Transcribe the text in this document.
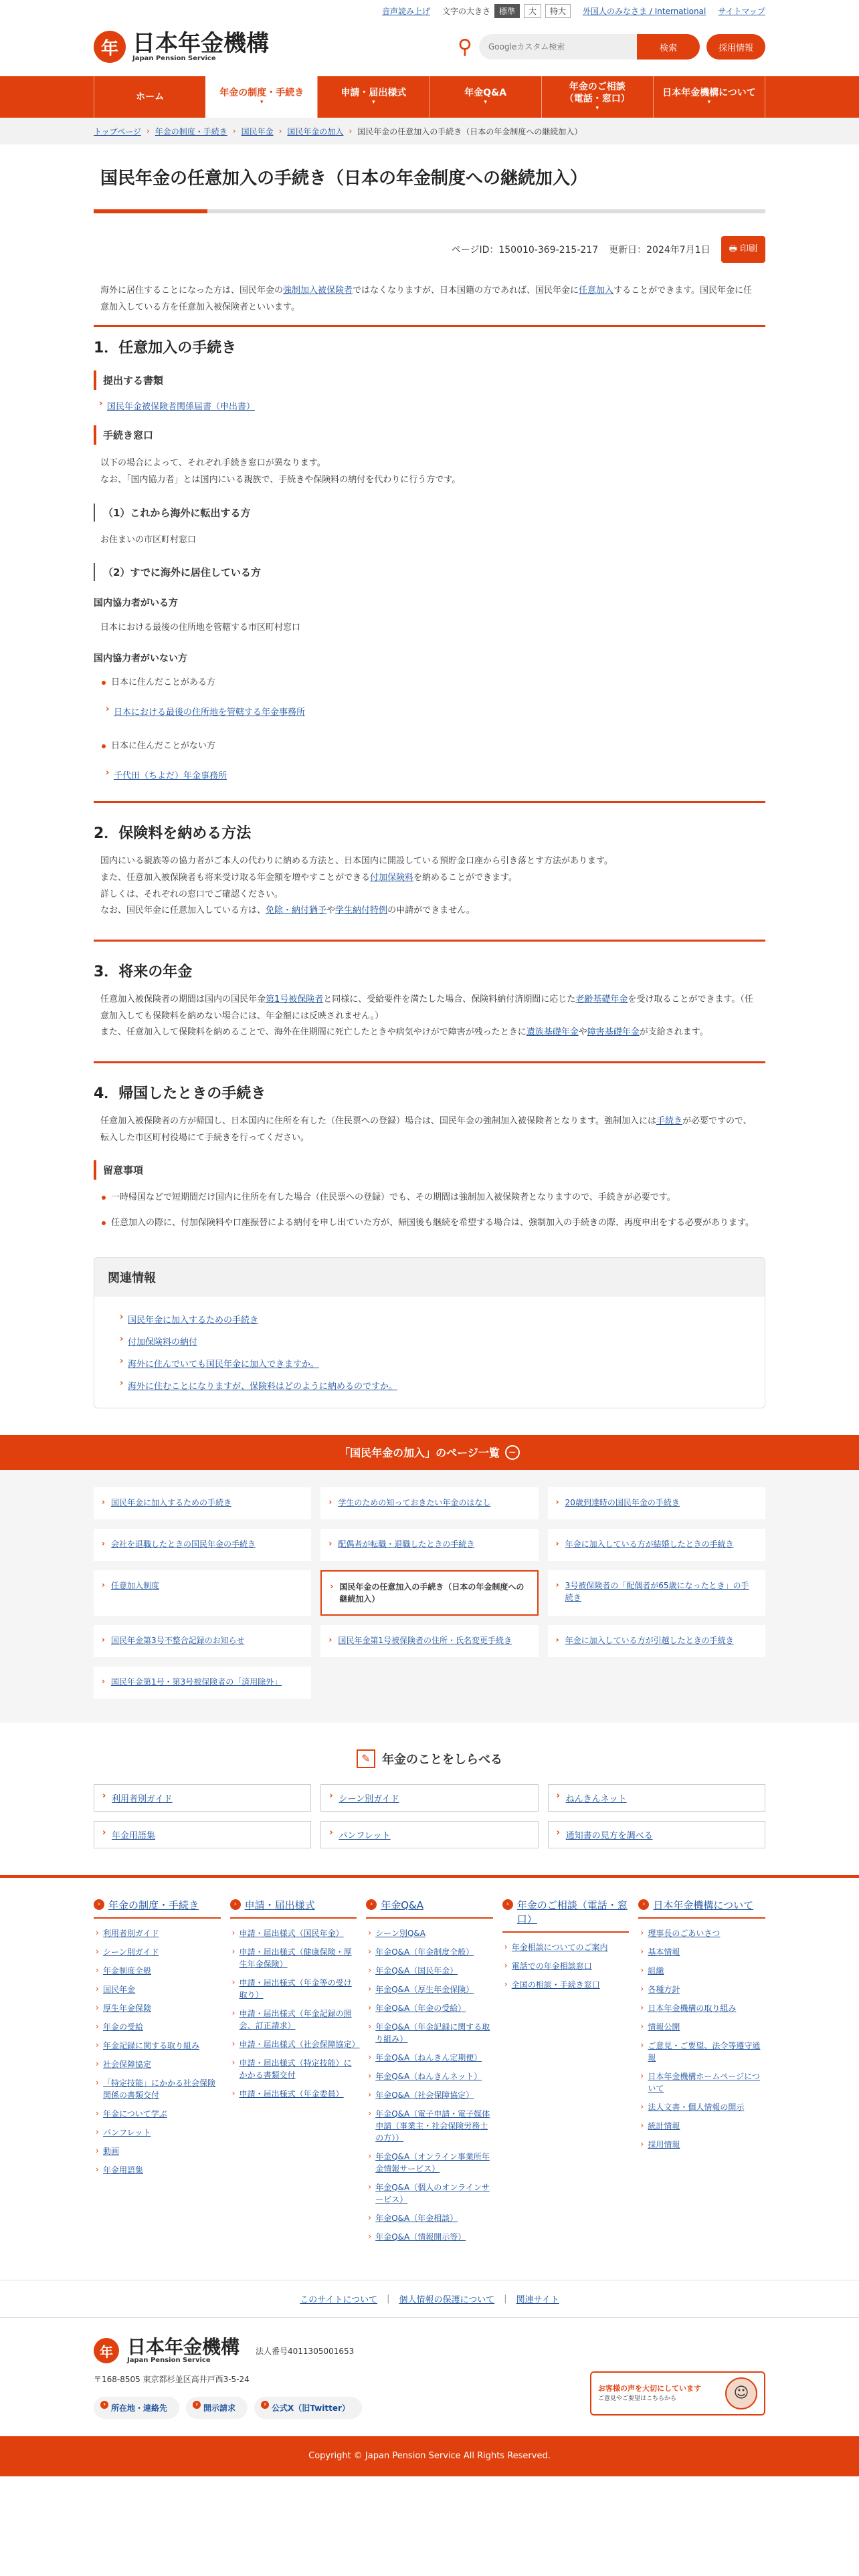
音声読み上げ 文字の大きさ	標準	大	特大	外国人のみなさま / International サイトマップ
年 日本年金機構
Japan Pension Service	⚲
Googleカスタム検索	検索	採用情報
ホーム	年金の制度・手続き
▾
申請・届出様式
▾
年金Q&A
▾
年金のご相談
（電話・窓口）
▾
日本年金機構について
▾
トップページ › 年金の制度・手続き › 国民年金 › 国民年金の加入 › 国民年金の任意加入の手続き（日本の年金制度への継続加入）
国民年金の任意加入の手続き（日本の年金制度への継続加入）
ページID：150010-369-215-217 更新日：2024年7月1日	🖶 印刷

海外に居住することになった方は、国民年金の強制加入被保険者ではなくなりますが、日本国籍の方であれば、国民年金に任意加入することができます。国民年金に任意加入している方を任意加入被保険者といいます。

1．任意加入の手続き
提出する書類
› 国民年金被保険者関係届書（申出書）
手続き窓口

以下の場合によって、それぞれ手続き窓口が異なります。
なお、「国内協力者」とは国内にいる親族で、手続きや保険料の納付を代わりに行う方です。

（1）これから海外に転出する方

お住まいの市区町村窓口

（2）すでに海外に居住している方
国内協力者がいる方

日本における最後の住所地を管轄する市区町村窓口

国内協力者がいない方
日本に住んだことがある方
› 日本における最後の住所地を管轄する年金事務所
日本に住んだことがない方
› 千代田（ちよだ）年金事務所
2．保険料を納める方法

国内にいる親族等の協力者がご本人の代わりに納める方法と、日本国内に開設している預貯金口座から引き落とす方法があります。
また、任意加入被保険者も将来受け取る年金額を増やすことができる付加保険料を納めることができます。
詳しくは、それぞれの窓口でご確認ください。
なお、国民年金に任意加入している方は、免除・納付猶予や学生納付特例の申請ができません。

3．将来の年金

任意加入被保険者の期間は国内の国民年金第1号被保険者と同様に、受給要件を満たした場合、保険料納付済期間に応じた老齢基礎年金を受け取ることができます。（任意加入しても保険料を納めない場合には、年金額には反映されません。）
また、任意加入して保険料を納めることで、海外在住期間に死亡したときや病気やけがで障害が残ったときに遺族基礎年金や障害基礎年金が支給されます。

4．帰国したときの手続き

任意加入被保険者の方が帰国し、日本国内に住所を有した（住民票への登録）場合は、国民年金の強制加入被保険者となります。強制加入には手続きが必要ですので、転入した市区町村役場にて手続きを行ってください。

留意事項
一時帰国などで短期間だけ国内に住所を有した場合（住民票への登録）でも、その期間は強制加入被保険者となりますので、手続きが必要です。
任意加入の際に、付加保険料や口座振替による納付を申し出ていた方が、帰国後も継続を希望する場合は、強制加入の手続きの際、再度申出をする必要があります。
関連情報
› 国民年金に加入するための手続き
› 付加保険料の納付
› 海外に住んでいても国民年金に加入できますか。
› 海外に住むことになりますが、保険料はどのように納めるのですか。
「国民年金の加入」のページ一覧 −
› 国民年金に加入するための手続き	› 学生のための知っておきたい年金のはなし	› 20歳到達時の国民年金の手続き
› 会社を退職したときの国民年金の手続き	› 配偶者が転職・退職したときの手続き	› 年金に加入している方が結婚したときの手続き
› 任意加入制度	› 国民年金の任意加入の手続き（日本の年金制度への継続加入）
› 3号被保険者の「配偶者が65歳になったとき」の手続き
› 国民年金第3号不整合記録のお知らせ	› 国民年金第1号被保険者の住所・氏名変更手続き	› 年金に加入している方が引越したときの手続き
› 国民年金第1号・第3号被保険者の「済用除外」
✎ 年金のことをしらべる
› 利用者別ガイド	› シーン別ガイド	› ねんきんネット
› 年金用語集	› パンフレット	› 通知書の見方を調べる
› 年金の制度・手続き
› 利用者別ガイド
› シーン別ガイド
› 年金制度全般
› 国民年金
› 厚生年金保険
› 年金の受給
› 年金記録に関する取り組み
› 社会保障協定
› 「特定技能」にかかる社会保険関係の書類交付
› 年金について学ぶ
› パンフレット
› 動画
› 年金用語集
› 申請・届出様式
› 申請・届出様式（国民年金）
› 申請・届出様式（健康保険・厚生年金保険）
› 申請・届出様式（年金等の受け取り）
› 申請・届出様式（年金記録の照会、訂正請求）
› 申請・届出様式（社会保障協定）
› 申請・届出様式（特定技能）にかかる書類交付
› 申請・届出様式（年金委員）
› 年金Q&A
› シーン別Q&A
› 年金Q&A（年金制度全般）
› 年金Q&A（国民年金）
› 年金Q&A（厚生年金保険）
› 年金Q&A（年金の受給）
› 年金Q&A（年金記録に関する取り組み）
› 年金Q&A（ねんきん定期便）
› 年金Q&A（ねんきんネット）
› 年金Q&A（社会保障協定）
› 年金Q&A（電子申請・電子媒体申請（事業主・社会保険労務士の方））
› 年金Q&A（オンライン事業所年金情報サービス）
› 年金Q&A（個人のオンラインサービス）
› 年金Q&A（年金相談）
› 年金Q&A（情報開示等）
› 年金のご相談（電話・窓口）
› 年金相談についてのご案内
› 電話での年金相談窓口
› 全国の相談・手続き窓口
› 日本年金機構について
› 理事長のごあいさつ
› 基本情報
› 組織
› 各種方針
› 日本年金機構の取り組み
› 情報公開
› ご意見・ご要望、法令等遵守通報
› 日本年金機構ホームページについて
› 法人文書・個人情報の開示
› 統計情報
› 採用情報
このサイトについて | 個人情報の保護について | 関連サイト
年 日本年金機構
Japan Pension Service
法人番号4011305001653
〒168-8505 東京都杉並区高井戸西3-5-24
› 所在地・連絡先	› 開示請求	› 公式X（旧Twitter）
お客様の声を大切にしています
ご意見やご要望はこちらから	☺
Copyright © Japan Pension Service All Rights Reserved.
